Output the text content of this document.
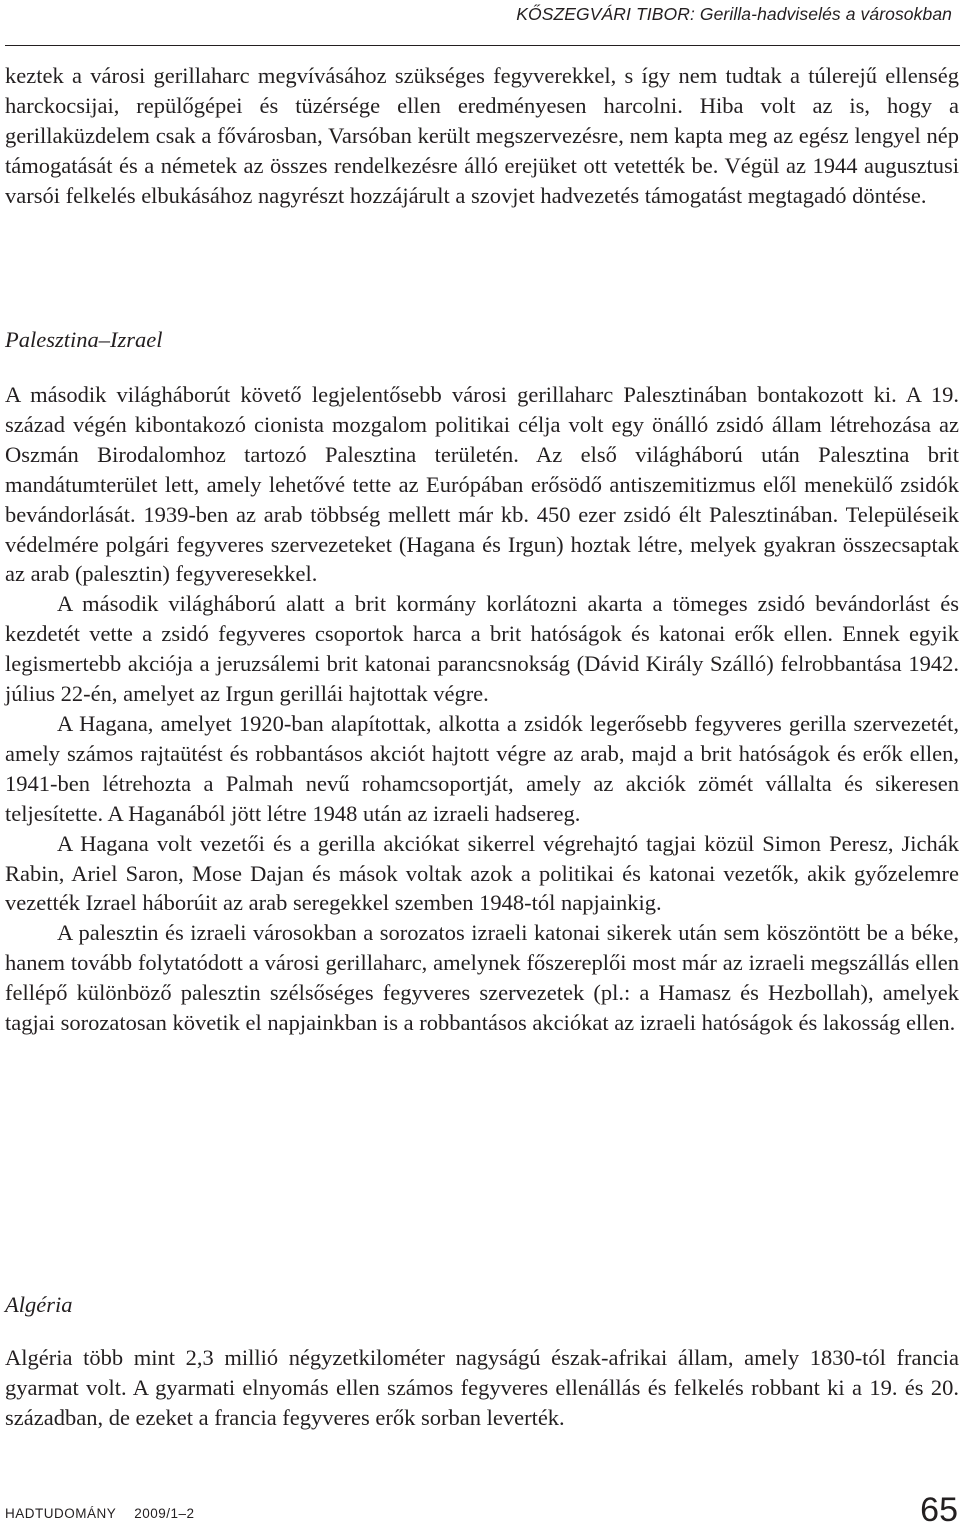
KŐSZEGVÁRI TIBOR: Gerilla-hadviselés a városokban

keztek a városi gerillaharc megvívásához szükséges fegyverekkel, s így nem tudtak a túlerejű ellenség harckocsijai, repülőgépei és tüzérsége ellen eredményesen harcolni. Hiba volt az is, hogy a gerillaküzdelem csak a fővárosban, Varsóban került megszervezésre, nem kapta meg az egész lengyel nép támogatását és a németek az összes rendelkezésre álló erejüket ott vetették be. Végül az 1944 augusztusi varsói felkelés elbukásához nagyrészt hozzájárult a szovjet hadvezetés támogatást megtagadó döntése.

Palesztina–Izrael

A második világháborút követő legjelentősebb városi gerillaharc Palesztinában bontakozott ki. A 19. század végén kibontakozó cionista mozgalom politikai célja volt egy önálló zsidó állam létrehozása az Oszmán Birodalomhoz tartozó Palesztina területén. Az első világháború után Palesztina brit mandátumterület lett, amely lehetővé tette az Európában erősödő antiszemitizmus elől menekülő zsidók bevándorlását. 1939-ben az arab többség mellett már kb. 450 ezer zsidó élt Palesztinában. Településeik védelmére polgári fegyveres szervezeteket (Hagana és Irgun) hoztak létre, melyek gyakran összecsaptak az arab (palesztin) fegyveresekkel.

A második világháború alatt a brit kormány korlátozni akarta a tömeges zsidó bevándorlást és kezdetét vette a zsidó fegyveres csoportok harca a brit hatóságok és katonai erők ellen. Ennek egyik legismertebb akciója a jeruzsálemi brit katonai parancsnokság (Dávid Király Szálló) felrobbantása 1942. július 22-én, amelyet az Irgun gerillái hajtottak végre.

A Hagana, amelyet 1920-ban alapítottak, alkotta a zsidók legerősebb fegyveres gerilla szervezetét, amely számos rajtaütést és robbantásos akciót hajtott végre az arab, majd a brit hatóságok és erők ellen, 1941-ben létrehozta a Palmah nevű rohamcsoportját, amely az akciók zömét vállalta és sikeresen teljesítette. A Haganából jött létre 1948 után az izraeli hadsereg.

A Hagana volt vezetői és a gerilla akciókat sikerrel végrehajtó tagjai közül Simon Peresz, Jichák Rabin, Ariel Saron, Mose Dajan és mások voltak azok a politikai és katonai vezetők, akik győzelemre vezették Izrael háborúit az arab seregekkel szemben 1948-tól napjainkig.

A palesztin és izraeli városokban a sorozatos izraeli katonai sikerek után sem köszöntött be a béke, hanem tovább folytatódott a városi gerillaharc, amelynek főszereplői most már az izraeli megszállás ellen fellépő különböző palesztin szélsőséges fegyveres szervezetek (pl.: a Hamasz és Hezbollah), amelyek tagjai sorozatosan követik el napjainkban is a robbantásos akciókat az izraeli hatóságok és lakosság ellen.

Algéria

Algéria több mint 2,3 millió négyzetkilométer nagyságú észak-afrikai állam, amely 1830-tól francia gyarmat volt. A gyarmati elnyomás ellen számos fegyveres ellenállás és felkelés robbant ki a 19. és 20. században, de ezeket a francia fegyveres erők sorban leverték.

HADTUDOMÁNY 2009/1–2	65
